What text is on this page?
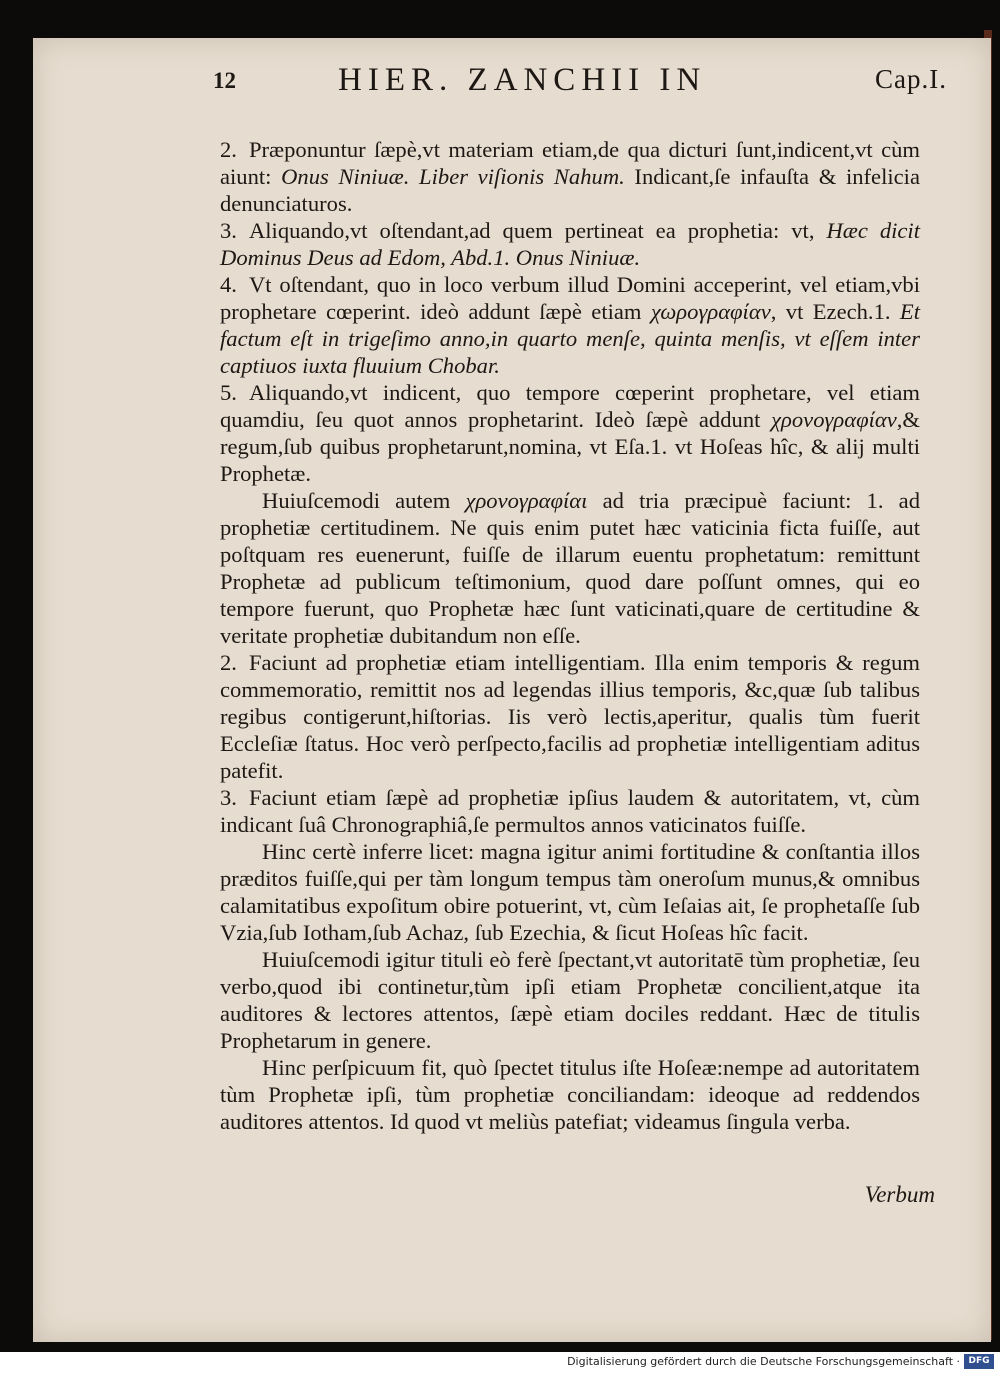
12	HIER. ZANCHII IN	Cap.I.

2. Præponuntur ſæpè,vt materiam etiam,de qua dicturi ſunt,indicent,vt cùm aiunt: Onus Niniuæ. Liber viſionis Nahum. Indicant,ſe infauſta & infelicia denunciaturos.

3. Aliquando,vt oſtendant,ad quem pertineat ea prophetia: vt, Hæc dicit Dominus Deus ad Edom, Abd.1. Onus Niniuæ.

4. Vt oſtendant, quo in loco verbum illud Domini acceperint, vel etiam,vbi prophetare cœperint. ideò addunt ſæpè etiam χωρογραφίαν, vt Ezech.1. Et factum eſt in trigeſimo anno,in quarto menſe, quinta menſis, vt eſſem inter captiuos iuxta fluuium Chobar.

5. Aliquando,vt indicent, quo tempore cœperint prophetare, vel etiam quamdiu, ſeu quot annos prophetarint. Ideò ſæpè addunt χρονογραφίαν,& regum,ſub quibus prophetarunt,nomina, vt Eſa.1. vt Hoſeas hîc, & alij multi Prophetæ.

Huiuſcemodi autem χρονογραφίαι ad tria præcipuè faciunt: 1. ad prophetiæ certitudinem. Ne quis enim putet hæc vaticinia ficta fuiſſe, aut poſtquam res euenerunt, fuiſſe de illarum euentu prophetatum: remittunt Prophetæ ad publicum teſtimonium, quod dare poſſunt omnes, qui eo tempore fuerunt, quo Prophetæ hæc ſunt vaticinati,quare de certitudine & veritate prophetiæ dubitandum non eſſe.

2. Faciunt ad prophetiæ etiam intelligentiam. Illa enim temporis & regum commemoratio, remittit nos ad legendas illius temporis, &c,quæ ſub talibus regibus contigerunt,hiſtorias. Iis verò lectis,aperitur, qualis tùm fuerit Eccleſiæ ſtatus. Hoc verò perſpecto,facilis ad prophetiæ intelligentiam aditus patefit.

3. Faciunt etiam ſæpè ad prophetiæ ipſius laudem & autoritatem, vt, cùm indicant ſuâ Chronographiâ,ſe permultos annos vaticinatos fuiſſe.

Hinc certè inferre licet: magna igitur animi fortitudine & conſtantia illos præditos fuiſſe,qui per tàm longum tempus tàm oneroſum munus,& omnibus calamitatibus expoſitum obire potuerint, vt, cùm Ieſaias ait, ſe prophetaſſe ſub Vzia,ſub Iotham,ſub Achaz, ſub Ezechia, & ſicut Hoſeas hîc facit.

Huiuſcemodi igitur tituli eò ferè ſpectant,vt autoritatē tùm prophetiæ, ſeu verbo,quod ibi continetur,tùm ipſi etiam Prophetæ concilient,atque ita auditores & lectores attentos, ſæpè etiam dociles reddant. Hæc de titulis Prophetarum in genere.

Hinc perſpicuum fit, quò ſpectet titulus iſte Hoſeæ:nempe ad autoritatem tùm Prophetæ ipſi, tùm prophetiæ conciliandam: ideoque ad reddendos auditores attentos. Id quod vt meliùs patefiat; videamus ſingula verba.

Verbum
Digitalisierung gefördert durch die Deutsche Forschungsgemeinschaft · DFG
